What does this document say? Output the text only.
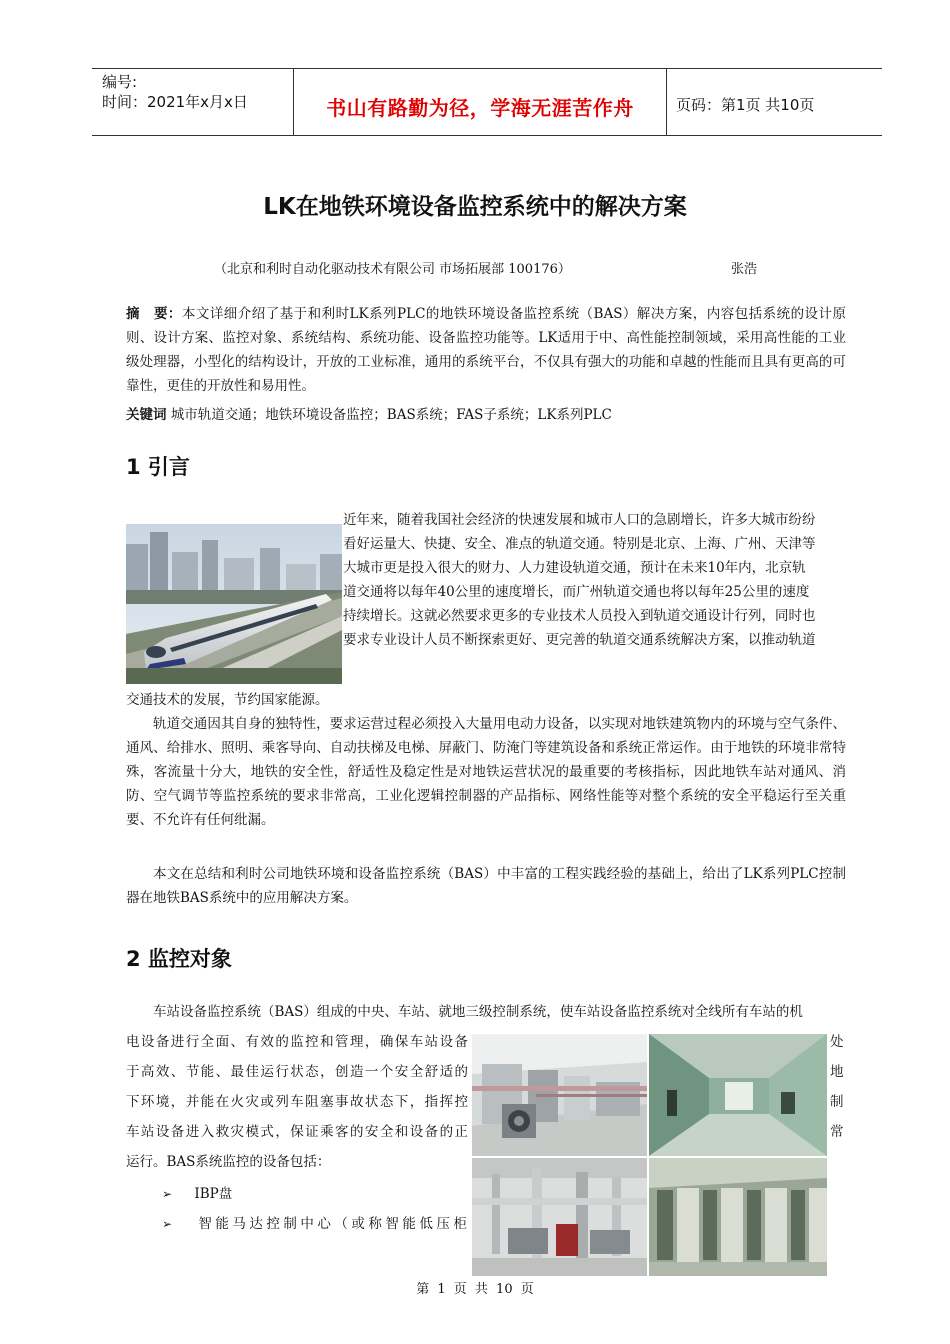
编号:
时间：2021年x月x日	书山有路勤为径，学海无涯苦作舟	页码：第1页 共10页
LK在地铁环境设备监控系统中的解决方案
（北京和利时自动化驱动技术有限公司 市场拓展部 100176）	张浩
摘　要：本文详细介绍了基于和利时LK系列PLC的地铁环境设备监控系统（BAS）解决方案，内容包括系统的设计原则、设计方案、监控对象、系统结构、系统功能、设备监控功能等。LK适用于中、高性能控制领域，采用高性能的工业级处理器，小型化的结构设计，开放的工业标准，通用的系统平台，不仅具有强大的功能和卓越的性能而且具有更高的可靠性，更佳的开放性和易用性。
关键词 城市轨道交通；地铁环境设备监控；BAS系统；FAS子系统；LK系列PLC
1 引言
近年来，随着我国社会经济的快速发展和城市人口的急剧增长，许多大城市纷纷
看好运量大、快捷、安全、准点的轨道交通。特别是北京、上海、广州、天津等
大城市更是投入很大的财力、人力建设轨道交通，预计在未来10年内，北京轨
道交通将以每年40公里的速度增长，而广州轨道交通也将以每年25公里的速度
持续增长。这就必然要求更多的专业技术人员投入到轨道交通设计行列，同时也
要求专业设计人员不断探索更好、更完善的轨道交通系统解决方案，以推动轨道
交通技术的发展，节约国家能源。
轨道交通因其自身的独特性，要求运营过程必须投入大量用电动力设备，以实现对地铁建筑物内的环境与空气条件、通风、给排水、照明、乘客导向、自动扶梯及电梯、屏蔽门、防淹门等建筑设备和系统正常运作。由于地铁的环境非常特殊，客流量十分大，地铁的安全性，舒适性及稳定性是对地铁运营状况的最重要的考核指标，因此地铁车站对通风、消防、空气调节等监控系统的要求非常高，工业化逻辑控制器的产品指标、网络性能等对整个系统的安全平稳运行至关重要、不允许有任何纰漏。
本文在总结和利时公司地铁环境和设备监控系统（BAS）中丰富的工程实践经验的基础上，给出了LK系列PLC控制器在地铁BAS系统中的应用解决方案。
2 监控对象
车站设备监控系统（BAS）组成的中央、车站、就地三级控制系统，使车站设备监控系统对全线所有车站的机
电设备进行全面、有效的监控和管理，确保车站设备
于高效、节能、最佳运行状态，创造一个安全舒适的
下环境，并能在火灾或列车阻塞事故状态下，指挥控
车站设备进入救灾模式，保证乘客的安全和设备的正
运行。BAS系统监控的设备包括：
处
地
制
常
➢ IBP盘
➢ 智能马达控制中心（或称智能低压柜
第 1 页 共 10 页
